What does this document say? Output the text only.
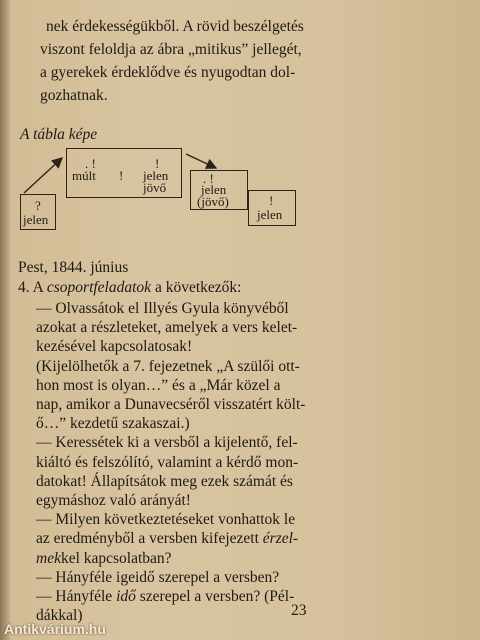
nek érdekességükből. A rövid beszélgetés
viszont feloldja az ábra „mitikus” jellegét,
a gyerekek érdeklődve és nyugodtan dol-
gozhatnak.
A tábla képe
?
jelen
. !
múlt !
!
jelen
jövő
. !
jelen
(jövő)	!
jelen
Pest, 1844. június
4. A csoportfeladatok a következők:
— Olvassátok el Illyés Gyula könyvéből
azokat a részleteket, amelyek a vers kelet-
kezésével kapcsolatosak!
(Kijelölhetők a 7. fejezetnek „A szülői ott-
hon most is olyan…” és a „Már közel a
nap, amikor a Dunavecséről visszatért költ-
ő…” kezdetű szakaszai.)
— Keressétek ki a versből a kijelentő, fel-
kiáltó és felszólító, valamint a kérdő mon-
datokat! Állapítsátok meg ezek számát és
egymáshoz való arányát!
— Milyen következtetéseket vonhattok le
az eredményből a versben kifejezett érzel-
mekkel kapcsolatban?
— Hányféle igeidő szerepel a versben?
— Hányféle idő szerepel a versben? (Pél-
dákkal)	23
Antikvárium.hu
